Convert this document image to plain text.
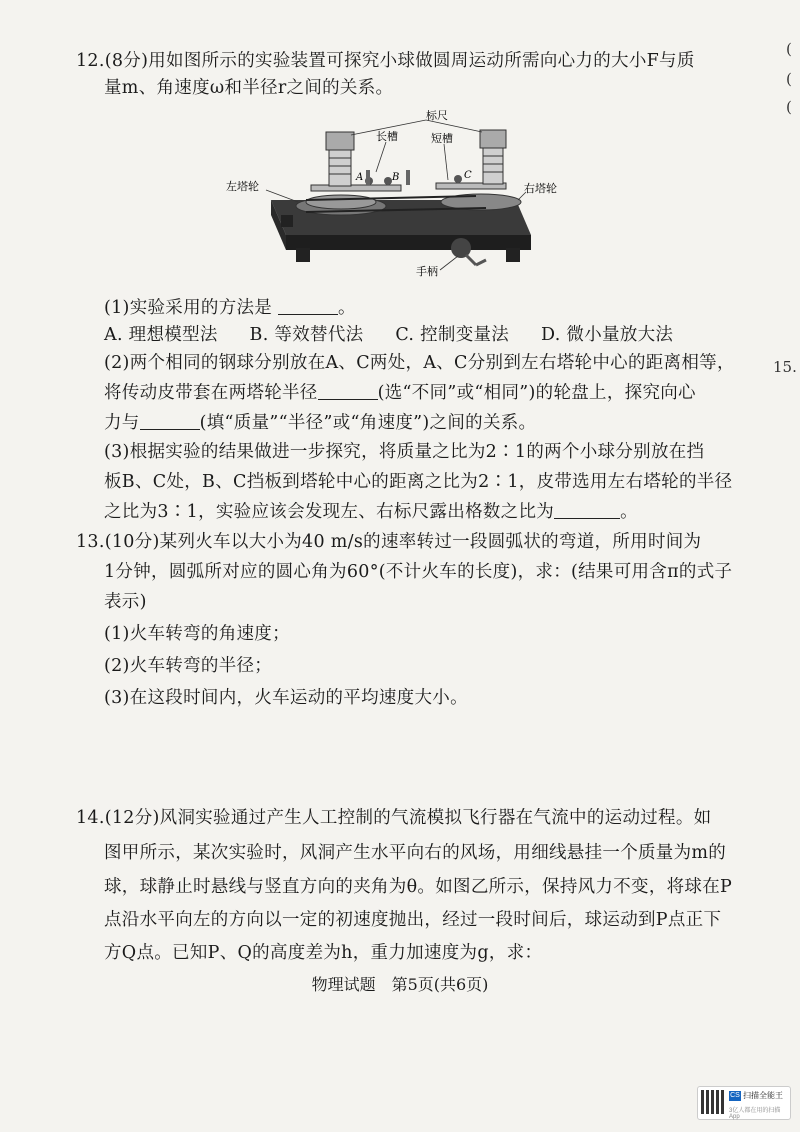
(
(
(
15.
12.(8分)用如图所示的实验装置可探究小球做圆周运动所需向心力的大小F与质
量m、角速度ω和半径r之间的关系。
标尺
长槽	短槽
左塔轮	右塔轮
手柄
A	B	C
(1)实验采用的方法是	。
A. 理想模型法 B. 等效替代法 C. 控制变量法 D. 微小量放大法
(2)两个相同的钢球分别放在A、C两处，A、C分别到左右塔轮中心的距离相等，
将传动皮带套在两塔轮半径	(选“不同”或“相同”)的轮盘上，探究向心
力与	(填“质量”“半径”或“角速度”)之间的关系。
(3)根据实验的结果做进一步探究，将质量之比为2∶1的两个小球分别放在挡
板B、C处，B、C挡板到塔轮中心的距离之比为2∶1，皮带选用左右塔轮的半径
之比为3∶1，实验应该会发现左、右标尺露出格数之比为	。
13.(10分)某列火车以大小为40 m/s的速率转过一段圆弧状的弯道，所用时间为
1分钟，圆弧所对应的圆心角为60°(不计火车的长度)，求：(结果可用含π的式子
表示)
(1)火车转弯的角速度；
(2)火车转弯的半径；
(3)在这段时间内，火车运动的平均速度大小。
14.(12分)风洞实验通过产生人工控制的气流模拟飞行器在气流中的运动过程。如
图甲所示，某次实验时，风洞产生水平向右的风场，用细线悬挂一个质量为m的
球，球静止时悬线与竖直方向的夹角为θ。如图乙所示，保持风力不变，将球在P
点沿水平向左的方向以一定的初速度抛出，经过一段时间后，球运动到P点正下
方Q点。已知P、Q的高度差为h，重力加速度为g，求：
物理试题　第5页(共6页)
CS 扫描全能王
3亿人都在用的扫描App
